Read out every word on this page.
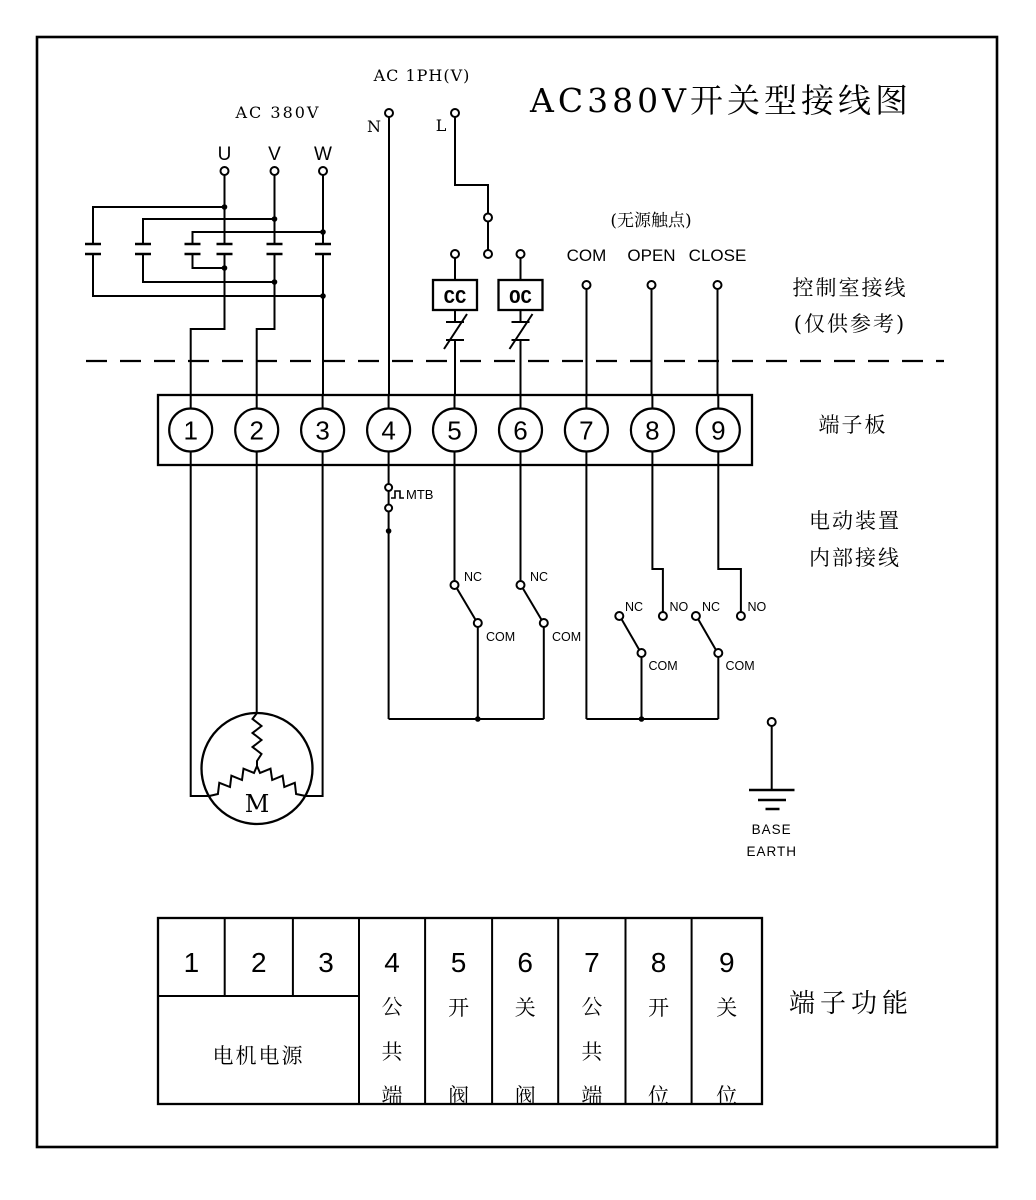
AC380V开关型接线图
AC 380V
U V W
AC 1PH(V)
N	L
CC OC
(无源触点)
COM OPEN CLOSE
控制室接线
(仅供参考)
端子板
电动装置
内部接线
1 2 3 4 5 6 7 8 9
M
MTB
NC
COM
NC
COM
NC NO
COM
NC NO
COM
BASE
EARTH
1 2 3 4 5 6 7 8 9
电机电源
公
共
端
开
阀
关
阀
公
共
端
开
位
关
位
端子功能
